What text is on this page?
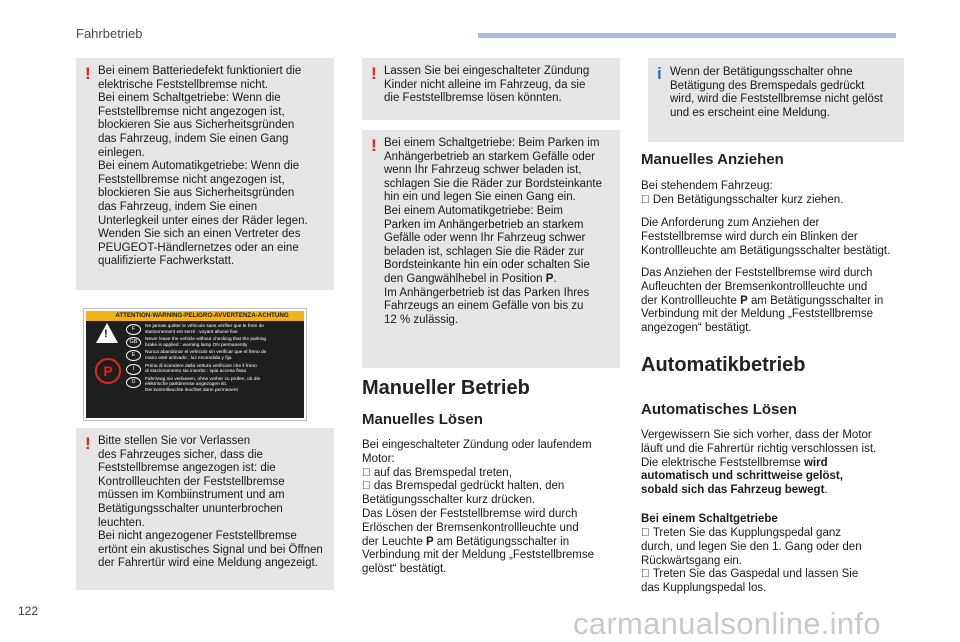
Fahrbetrieb
! Bei einem Batteriedefekt funktioniert die
elektrische Feststellbremse nicht.
Bei einem Schaltgetriebe: Wenn die
Feststellbremse nicht angezogen ist,
blockieren Sie aus Sicherheitsgründen
das Fahrzeug, indem Sie einen Gang
einlegen.
Bei einem Automatikgetriebe: Wenn die
Feststellbremse nicht angezogen ist,
blockieren Sie aus Sicherheitsgründen
das Fahrzeug, indem Sie einen
Unterlegkeil unter eines der Räder legen.
Wenden Sie sich an einen Vertreter des
PEUGEOT-Händlernetzes oder an eine
qualifizierte Fachwerkstatt.
ATTENTION-WARNING-PELIGRO-AVVERTENZA-ACHTUNG
!
P
F	Ne jamais quitter le véhicule sans vérifier que le frein de
stationnement est serré : voyant allumé fixe
GB	Never leave the vehicle without checking that the parking
brake is applied : warning lamp ON permanently
E	Nunca abandonar el vehículo sin verificar que el freno de
mano esté activado : luz encendida y fija
I	Prima di scendere dalla vettura verificare che il freno
di stazionamento sia inserito : spia accesa fissa
D	Fahrzeug nie verlassen, ohne vorher zu prüfen, ob die
elektrische parkbremse angezogen ist.
Die kontrolleuchte leuchtet dann permanent
! Bitte stellen Sie vor Verlassen
des Fahrzeuges sicher, dass die
Feststellbremse angezogen ist: die
Kontrollleuchten der Feststellbremse
müssen im Kombiinstrument und am
Betätigungsschalter ununterbrochen
leuchten.
Bei nicht angezogener Feststellbremse
ertönt ein akustisches Signal und bei Öffnen
der Fahrertür wird eine Meldung angezeigt.
! Lassen Sie bei eingeschalteter Zündung
Kinder nicht alleine im Fahrzeug, da sie
die Feststellbremse lösen könnten.
! Bei einem Schaltgetriebe: Beim Parken im
Anhängerbetrieb an starkem Gefälle oder
wenn Ihr Fahrzeug schwer beladen ist,
schlagen Sie die Räder zur Bordsteinkante
hin ein und legen Sie einen Gang ein.
Bei einem Automatikgetriebe: Beim
Parken im Anhängerbetrieb an starkem
Gefälle oder wenn Ihr Fahrzeug schwer
beladen ist, schlagen Sie die Räder zur
Bordsteinkante hin ein oder schalten Sie
den Gangwählhebel in Position P.
Im Anhängerbetrieb ist das Parken Ihres
Fahrzeugs an einem Gefälle von bis zu
12 % zulässig.
Manueller Betrieb
Manuelles Lösen
Bei eingeschalteter Zündung oder laufendem
Motor:
auf das Bremspedal treten,
das Bremspedal gedrückt halten, den
Betätigungsschalter kurz drücken.
Das Lösen der Feststellbremse wird durch
Erlöschen der Bremsenkontrollleuchte und
der Leuchte P am Betätigungsschalter in
Verbindung mit der Meldung „Feststellbremse
gelöst“ bestätigt.
i Wenn der Betätigungsschalter ohne
Betätigung des Bremspedals gedrückt
wird, wird die Feststellbremse nicht gelöst
und es erscheint eine Meldung.
Manuelles Anziehen
Bei stehendem Fahrzeug:
Den Betätigungsschalter kurz ziehen.
Die Anforderung zum Anziehen der
Feststellbremse wird durch ein Blinken der
Kontrollleuchte am Betätigungsschalter bestätigt.
Das Anziehen der Feststellbremse wird durch
Aufleuchten der Bremsenkontrollleuchte und
der Kontrollleuchte P am Betätigungsschalter in
Verbindung mit der Meldung „Feststellbremse
angezogen“ bestätigt.
Automatikbetrieb
Automatisches Lösen
Vergewissern Sie sich vorher, dass der Motor
läuft und die Fahrertür richtig verschlossen ist.
Die elektrische Feststellbremse wird
automatisch und schrittweise gelöst,
sobald sich das Fahrzeug bewegt.
Bei einem Schaltgetriebe
Treten Sie das Kupplungspedal ganz
durch, und legen Sie den 1. Gang oder den
Rückwärtsgang ein.
Treten Sie das Gaspedal und lassen Sie
das Kupplungspedal los.
122	carmanualsonline.info
